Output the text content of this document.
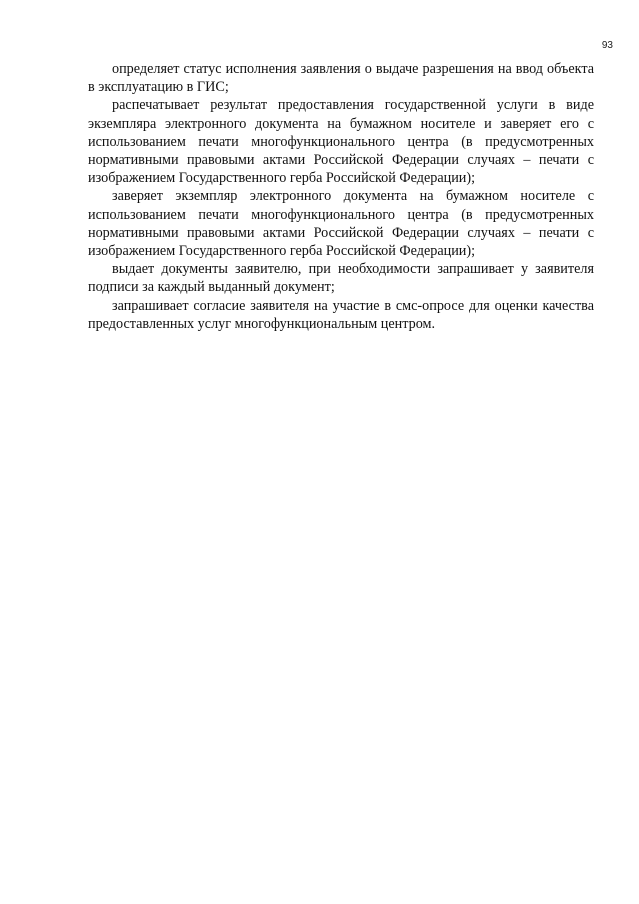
93

определяет статус исполнения заявления о выдаче разрешения на ввод объекта в эксплуатацию в ГИС;

распечатывает результат предоставления государственной услуги в виде экземпляра электронного документа на бумажном носителе и заверяет его с использованием печати многофункционального центра (в предусмотренных нормативными правовыми актами Российской Федерации случаях – печати с изображением Государственного герба Российской Федерации);

заверяет экземпляр электронного документа на бумажном носителе с использованием печати многофункционального центра (в предусмотренных нормативными правовыми актами Российской Федерации случаях – печати с изображением Государственного герба Российской Федерации);

выдает документы заявителю, при необходимости запрашивает у заявителя подписи за каждый выданный документ;

запрашивает согласие заявителя на участие в смс-опросе для оценки качества предоставленных услуг многофункциональным центром.
